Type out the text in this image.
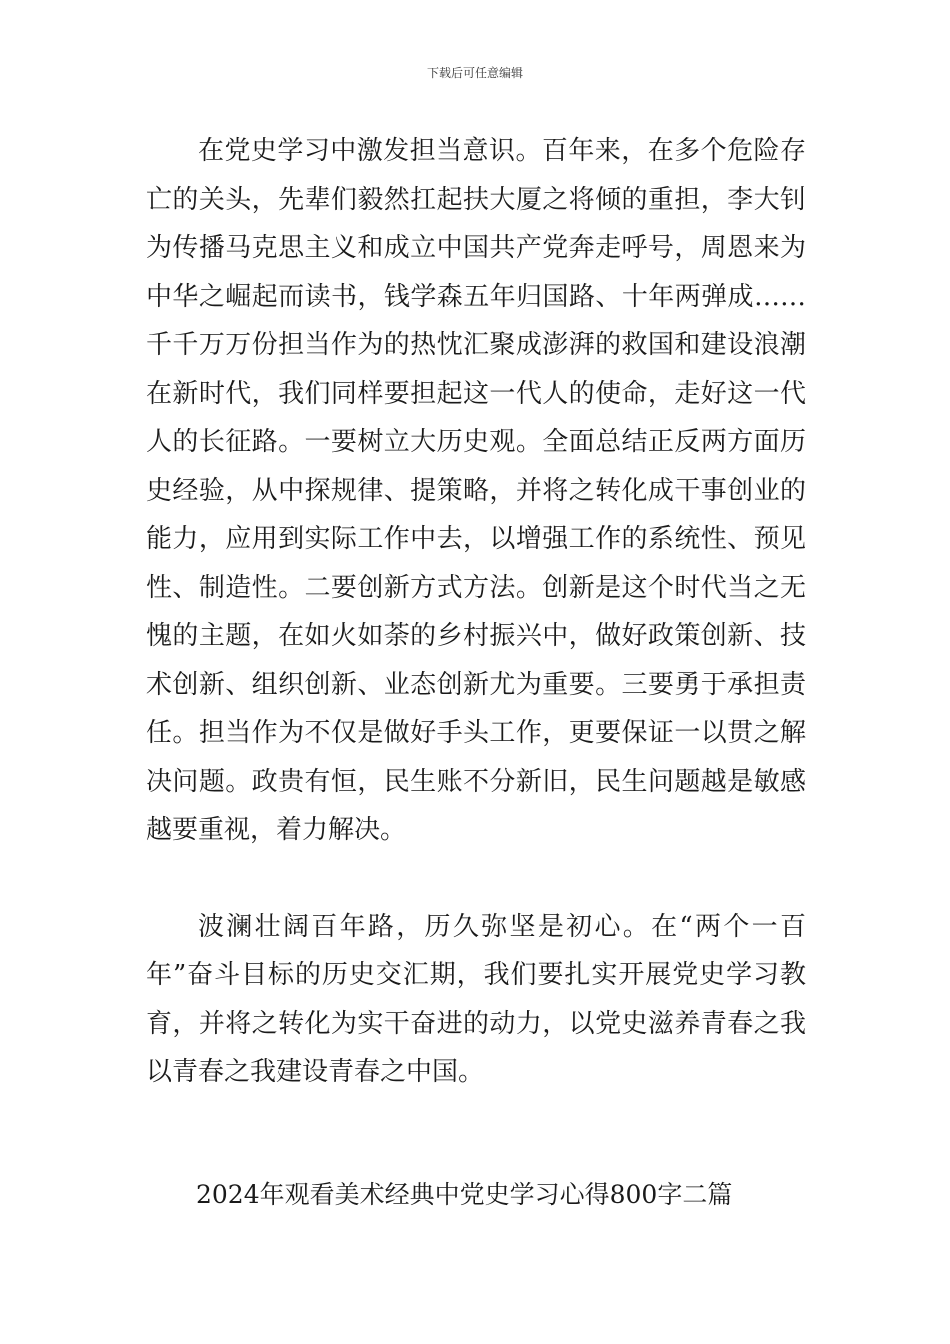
下载后可任意编辑

在党史学习中激发担当意识。百年来，在多个危险存亡的关头，先辈们毅然扛起扶大厦之将倾的重担，李大钊为传播马克思主义和成立中国共产党奔走呼号，周恩来为中华之崛起而读书，钱学森五年归国路、十年两弹成……千千万万份担当作为的热忱汇聚成澎湃的救国和建设浪潮在新时代，我们同样要担起这一代人的使命，走好这一代人的长征路。一要树立大历史观。全面总结正反两方面历史经验，从中探规律、提策略，并将之转化成干事创业的能力，应用到实际工作中去，以增强工作的系统性、预见性、制造性。二要创新方式方法。创新是这个时代当之无愧的主题，在如火如荼的乡村振兴中，做好政策创新、技术创新、组织创新、业态创新尤为重要。三要勇于承担责任。担当作为不仅是做好手头工作，更要保证一以贯之解决问题。政贵有恒，民生账不分新旧，民生问题越是敏感越要重视，着力解决。

波澜壮阔百年路，历久弥坚是初心。在“两个一百年”奋斗目标的历史交汇期，我们要扎实开展党史学习教育，并将之转化为实干奋进的动力，以党史滋养青春之我以青春之我建设青春之中国。

2024年观看美术经典中党史学习心得800字二篇
